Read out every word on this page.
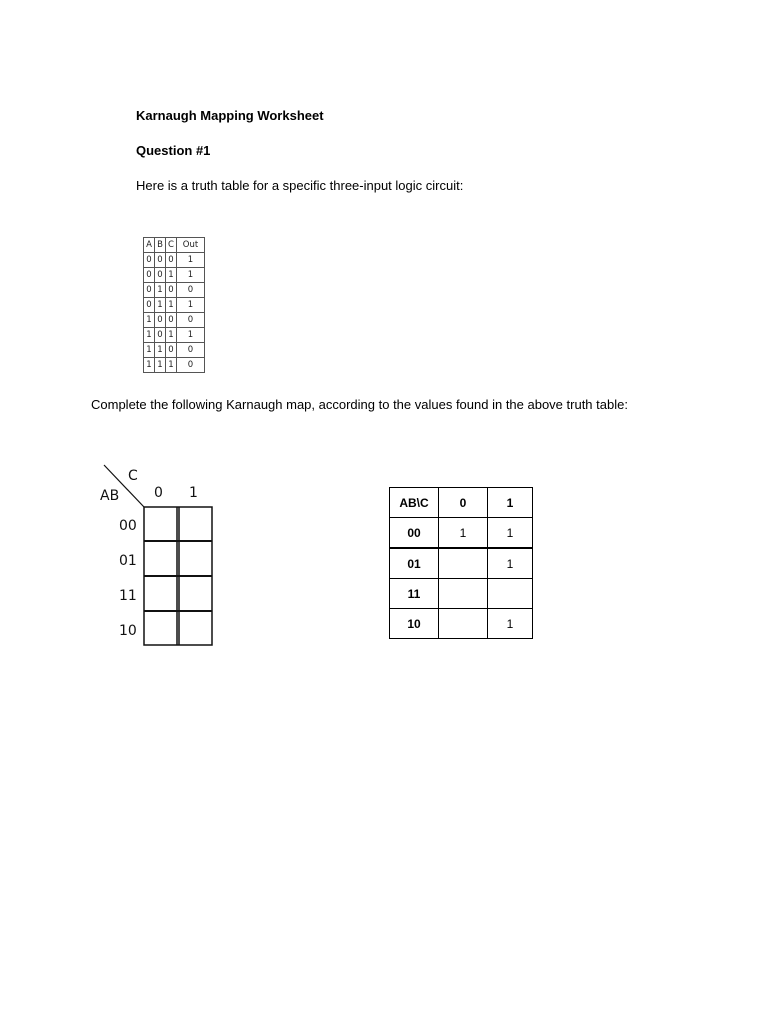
Karnaugh Mapping Worksheet
Question #1
Here is a truth table for a specific three-input logic circuit:
A	B	C	Out
0	0	0	1
0	0	1	1
0	1	0	0
0	1	1	1
1	0	0	0
1	0	1	1
1	1	0	0
1	1	1	0
Complete the following Karnaugh map, according to the values found in the above truth table:
C
AB 0 1
00
01
11
10
AB\C	0	1
00	1	1
01		1
11		
10		1
